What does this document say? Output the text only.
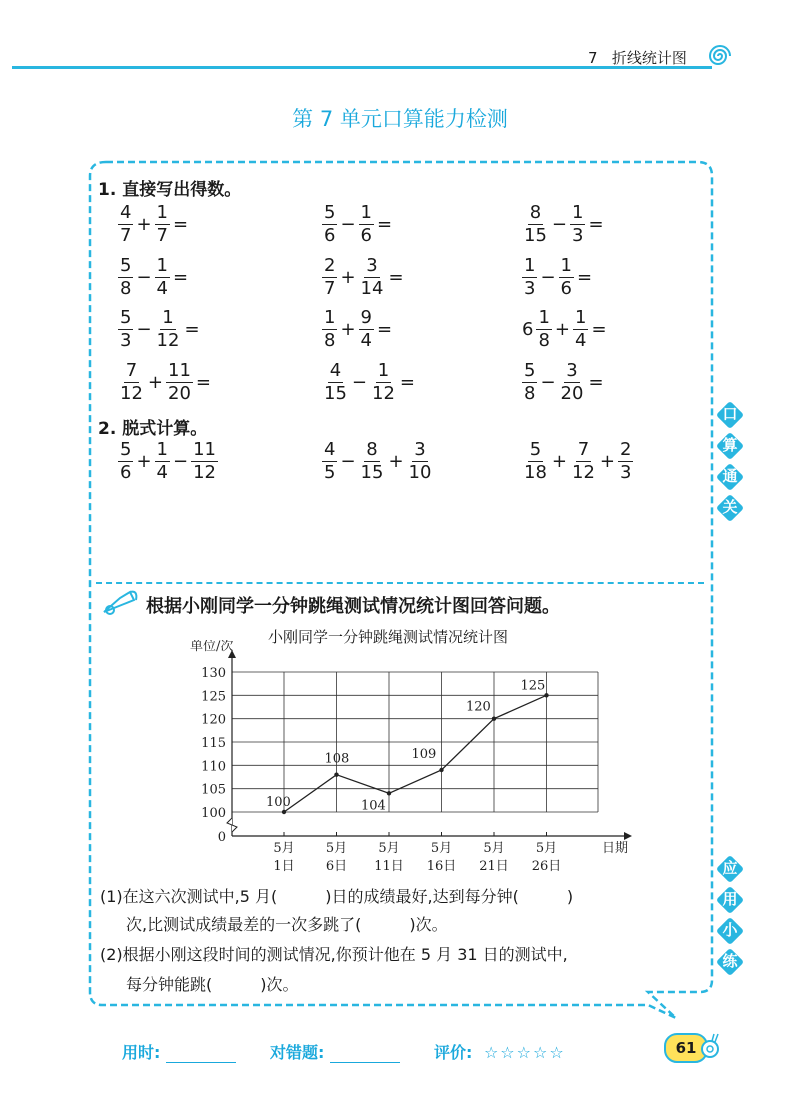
7 折线统计图
第 7 单元口算能力检测
1. 直接写出得数。
$\frac{4}{7} + \frac{1}{7}$ =	$\frac{5}{6} - \frac{1}{6}$ =	$\frac{8}{15} - \frac{1}{3}$ =
$\frac{5}{8} - \frac{1}{4}$ =	$\frac{2}{7} + \frac{3}{14}$ =	$\frac{1}{3} - \frac{1}{6}$ =
$\frac{5}{3} - \frac{1}{12}$ =	$\frac{1}{8} + \frac{9}{4}$ =	$6 \frac{1}{8} + \frac{1}{4}$ =
$\frac{7}{12} + \frac{11}{20}$ =	$\frac{4}{15} - \frac{1}{12}$ =	$\frac{5}{8} - \frac{3}{20}$ =
2. 脱式计算。
$\frac{5}{6} + \frac{1}{4} - \frac{11}{12}$	$\frac{4}{5} - \frac{8}{15} + \frac{3}{10}$	$\frac{5}{18} + \frac{7}{12} + \frac{2}{3}$
口
算
通
关
应
用
小
练
根据小刚同学一分钟跳绳测试情况统计图回答问题。
小刚同学一分钟跳绳测试情况统计图
单位/次
130
125
120
115
110
105
100
0
5月
1日
5月
6日
5月
11日
5月
16日
5月
21日
5月
26日
日期
100
108
104
109
120
125
(1)在这六次测试中,5 月(	)日的成绩最好,达到每分钟(	)
次,比测试成绩最差的一次多跳了(	)次。
(2)根据小刚这段时间的测试情况,你预计他在 5 月 31 日的测试中,
每分钟能跳(	)次。
用时:	对错题:	评价: ☆☆☆☆☆	61
